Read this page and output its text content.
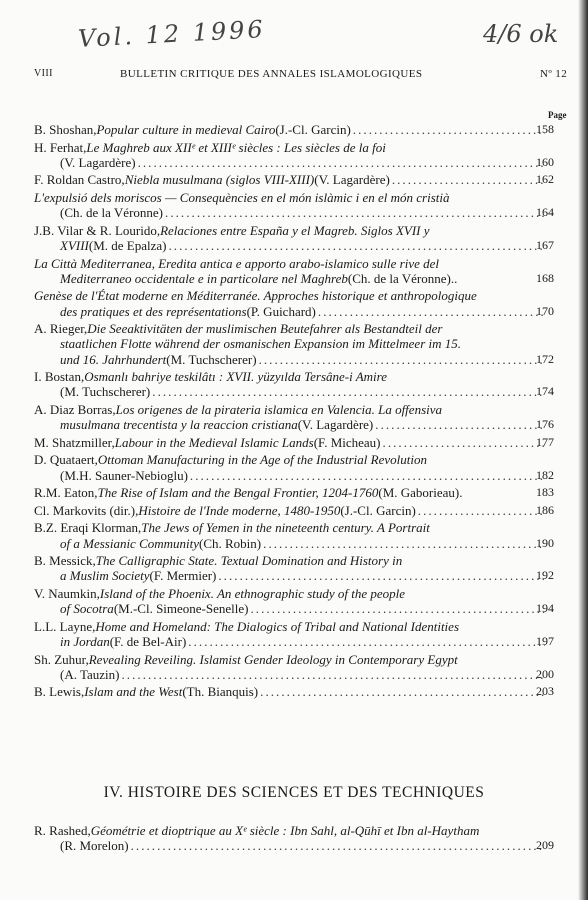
Vol. 12 1996	4/6 ok
VIII	BULLETIN CRITIQUE DES ANNALES ISLAMOLOGIQUES	Nº 12
Page
B. Shoshan, Popular culture in medieval Cairo (J.-Cl. Garcin) . . .	158
H. Ferhat, Le Maghreb aux XIIᵉ et XIIIᵉ siècles : Les siècles de la foi
(V. Lagardère) . . .	160
F. Roldan Castro, Niebla musulmana (siglos VIII-XIII) (V. Lagardère) . . .	162
L'expulsió dels moriscos — Consequències en el món islàmic i en el món cristià
(Ch. de la Véronne) . . .	164
J.B. Vilar & R. Lourido, Relaciones entre España y el Magreb. Siglos XVII y
XVIII (M. de Epalza) . . .	167
La Città Mediterranea, Eredita antica e apporto arabo-islamico sulle rive del
Mediterraneo occidentale e in particolare nel Maghreb (Ch. de la Véronne)..	168
Genèse de l'État moderne en Méditerranée. Approches historique et anthropologique
des pratiques et des représentations (P. Guichard) . . .	170
A. Rieger, Die Seeaktivitäten der muslimischen Beutefahrer als Bestandteil der
staatlichen Flotte während der osmanischen Expansion im Mittelmeer im 15.
und 16. Jahrhundert (M. Tuchscherer) . . .	172
I. Bostan, Osmanlı bahriye teskilâtı : XVII. yüzyılda Tersâne-i Amire
(M. Tuchscherer) . . .	174
A. Diaz Borras, Los origenes de la pirateria islamica en Valencia. La offensiva
musulmana trecentista y la reaccion cristiana (V. Lagardère) . . .	176
M. Shatzmiller, Labour in the Medieval Islamic Lands (F. Micheau) . . .	177
D. Quataert, Ottoman Manufacturing in the Age of the Industrial Revolution
(M.H. Sauner-Nebioglu) . . .	182
R.M. Eaton, The Rise of Islam and the Bengal Frontier, 1204-1760 (M. Gaborieau).	183
Cl. Markovits (dir.), Histoire de l'Inde moderne, 1480-1950 (J.-Cl. Garcin) . . .	186
B.Z. Eraqi Klorman, The Jews of Yemen in the nineteenth century. A Portrait
of a Messianic Community (Ch. Robin) . . .	190
B. Messick, The Calligraphic State. Textual Domination and History in
a Muslim Society (F. Mermier) . . .	192
V. Naumkin, Island of the Phoenix. An ethnographic study of the people
of Socotra (M.-Cl. Simeone-Senelle) . . .	194
L.L. Layne, Home and Homeland: The Dialogics of Tribal and National Identities
in Jordan (F. de Bel-Air) . . .	197
Sh. Zuhur, Revealing Reveiling. Islamist Gender Ideology in Contemporary Egypt
(A. Tauzin) . . .	200
B. Lewis, Islam and the West (Th. Bianquis) . . .	203
IV. HISTOIRE DES SCIENCES ET DES TECHNIQUES
R. Rashed, Géométrie et dioptrique au Xᵉ siècle : Ibn Sahl, al-Qūhī et Ibn al-Haytham
(R. Morelon) . . .	209
